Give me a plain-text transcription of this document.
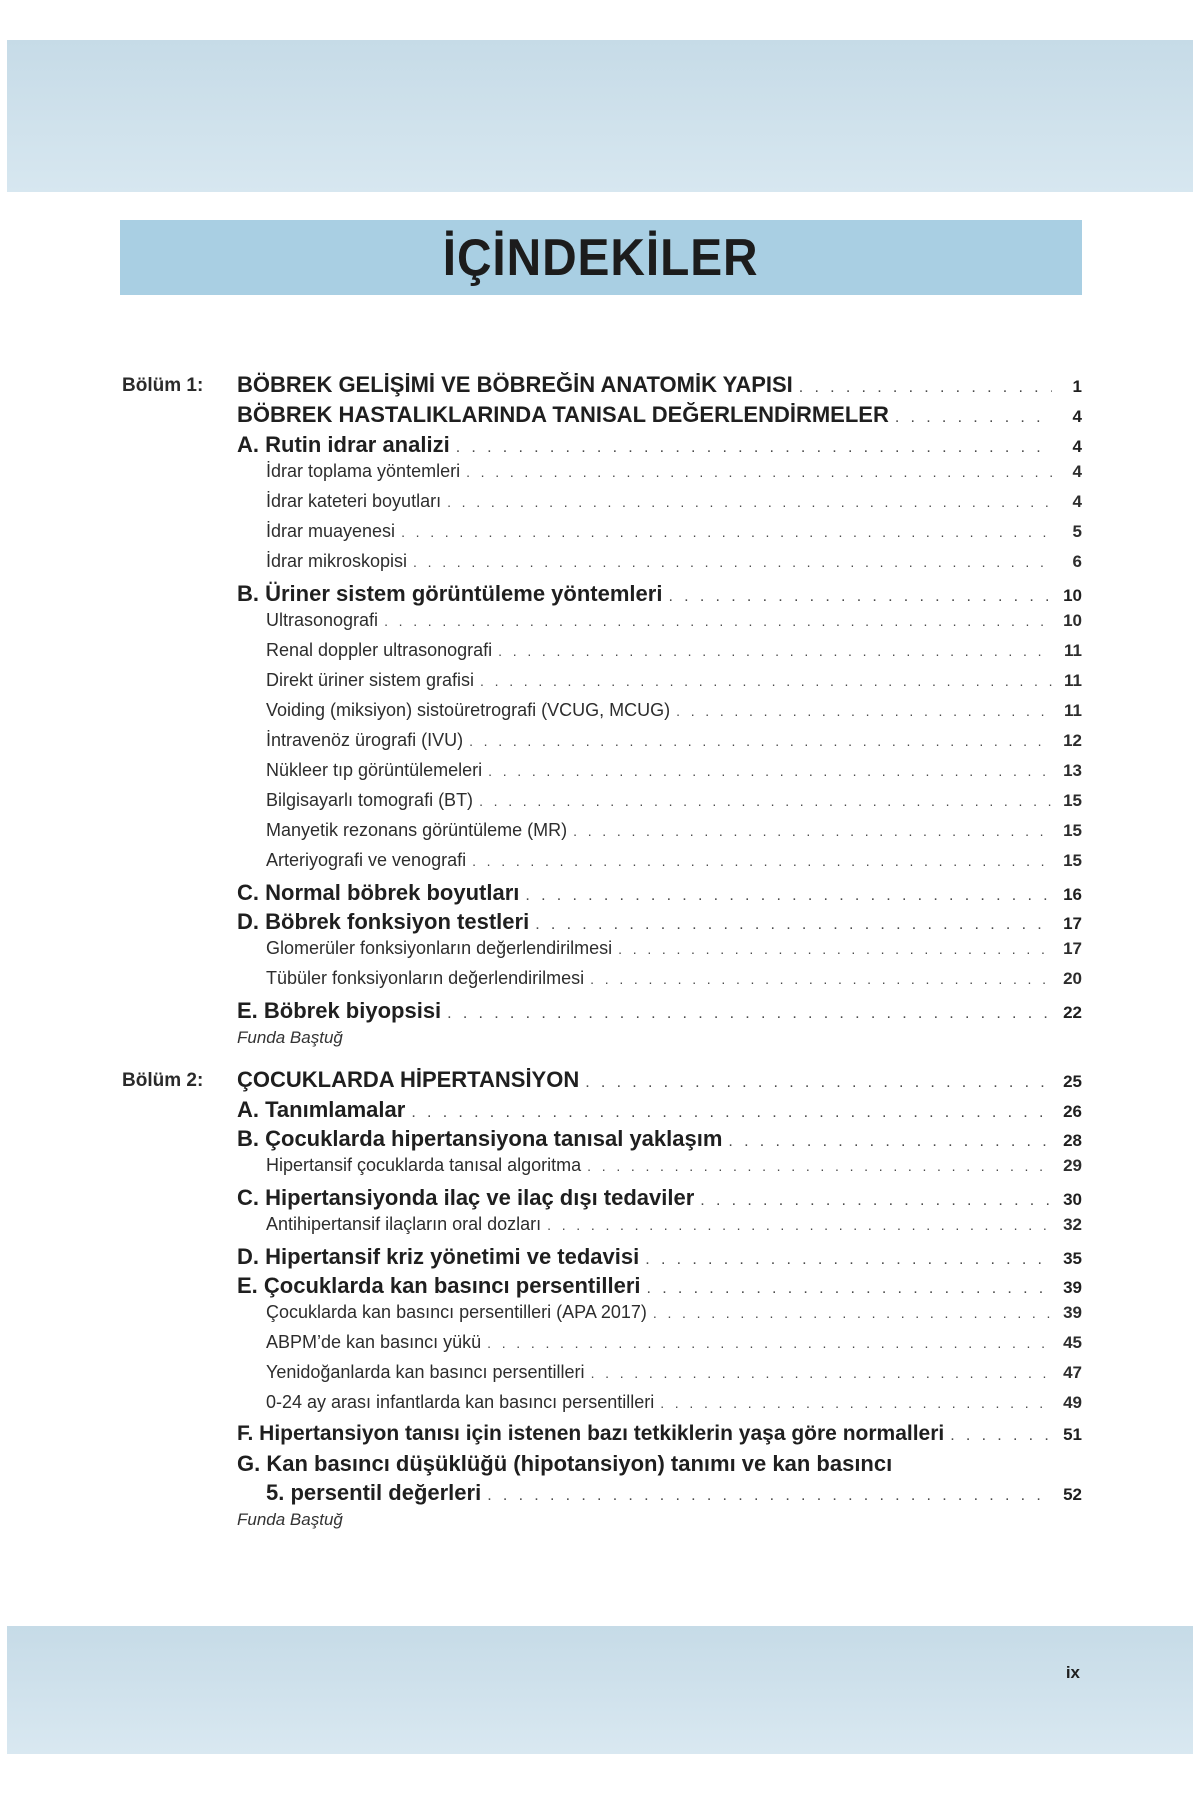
İÇİNDEKİLER
Bölüm 1: BÖBREK GELİŞİMİ VE BÖBREĞİN ANATOMİK YAPISI . . .	1
BÖBREK HASTALIKLARINDA TANISAL DEĞERLENDİRMELER . . .	4
A. Rutin idrar analizi . . .	4
İdrar toplama yöntemleri . . .	4
İdrar kateteri boyutları . . .	4
İdrar muayenesi . . .	5
İdrar mikroskopisi . . .	6
B. Üriner sistem görüntüleme yöntemleri . . .	10
Ultrasonografi . . .	10
Renal doppler ultrasonografi . . .	11
Direkt üriner sistem grafisi . . .	11
Voiding (miksiyon) sistoüretrografi (VCUG, MCUG) . . .	11
İntravenöz ürografi (IVU) . . .	12
Nükleer tıp görüntülemeleri . . .	13
Bilgisayarlı tomografi (BT) . . .	15
Manyetik rezonans görüntüleme (MR) . . .	15
Arteriyografi ve venografi . . .	15
C. Normal böbrek boyutları . . .	16
D. Böbrek fonksiyon testleri . . .	17
Glomerüler fonksiyonların değerlendirilmesi . . .	17
Tübüler fonksiyonların değerlendirilmesi . . .	20
E. Böbrek biyopsisi . . .	22
Funda Baştuğ
Bölüm 2: ÇOCUKLARDA HİPERTANSİYON . . .	25
A. Tanımlamalar . . .	26
B. Çocuklarda hipertansiyona tanısal yaklaşım . . .	28
Hipertansif çocuklarda tanısal algoritma . . .	29
C. Hipertansiyonda ilaç ve ilaç dışı tedaviler . . .	30
Antihipertansif ilaçların oral dozları . . .	32
D. Hipertansif kriz yönetimi ve tedavisi . . .	35
E. Çocuklarda kan basıncı persentilleri . . .	39
Çocuklarda kan basıncı persentilleri (APA 2017) . . .	39
ABPM’de kan basıncı yükü . . .	45
Yenidoğanlarda kan basıncı persentilleri . . .	47
0-24 ay arası infantlarda kan basıncı persentilleri . . .	49
F. Hipertansiyon tanısı için istenen bazı tetkiklerin yaşa göre normalleri . . .	51
G. Kan basıncı düşüklüğü (hipotansiyon) tanımı ve kan basıncı
5. persentil değerleri . . .	52
Funda Baştuğ
ix
